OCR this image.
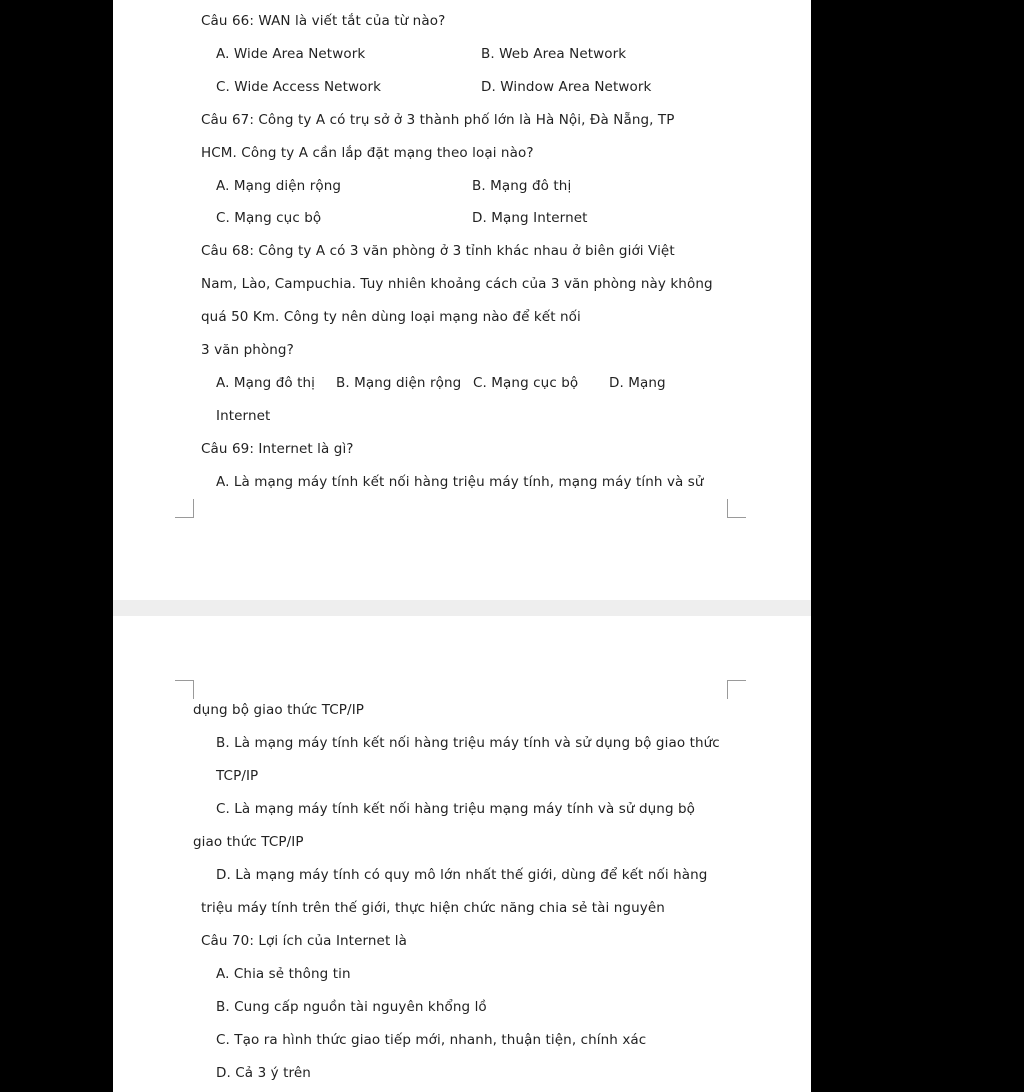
Câu 66: WAN là viết tắt của từ nào?
A. Wide Area Network	B. Web Area Network
C. Wide Access Network	D. Window Area Network
Câu 67: Công ty A có trụ sở ở 3 thành phố lớn là Hà Nội, Đà Nẵng, TP
HCM. Công ty A cần lắp đặt mạng theo loại nào?
A. Mạng diện rộng	B. Mạng đô thị
C. Mạng cục bộ	D. Mạng Internet
Câu 68: Công ty A có 3 văn phòng ở 3 tỉnh khác nhau ở biên giới Việt
Nam, Lào, Campuchia. Tuy nhiên khoảng cách của 3 văn phòng này không
quá 50 Km. Công ty nên dùng loại mạng nào để kết nối
3 văn phòng?
A. Mạng đô thị B. Mạng diện rộng C. Mạng cục bộ D. Mạng
Internet
Câu 69: Internet là gì?
A. Là mạng máy tính kết nối hàng triệu máy tính, mạng máy tính và sử
dụng bộ giao thức TCP/IP
B. Là mạng máy tính kết nối hàng triệu máy tính và sử dụng bộ giao thức
TCP/IP
C. Là mạng máy tính kết nối hàng triệu mạng máy tính và sử dụng bộ
giao thức TCP/IP
D. Là mạng máy tính có quy mô lớn nhất thế giới, dùng để kết nối hàng
triệu máy tính trên thế giới, thực hiện chức năng chia sẻ tài nguyên
Câu 70: Lợi ích của Internet là
A. Chia sẻ thông tin
B. Cung cấp nguồn tài nguyên khổng lồ
C. Tạo ra hình thức giao tiếp mới, nhanh, thuận tiện, chính xác
D. Cả 3 ý trên
